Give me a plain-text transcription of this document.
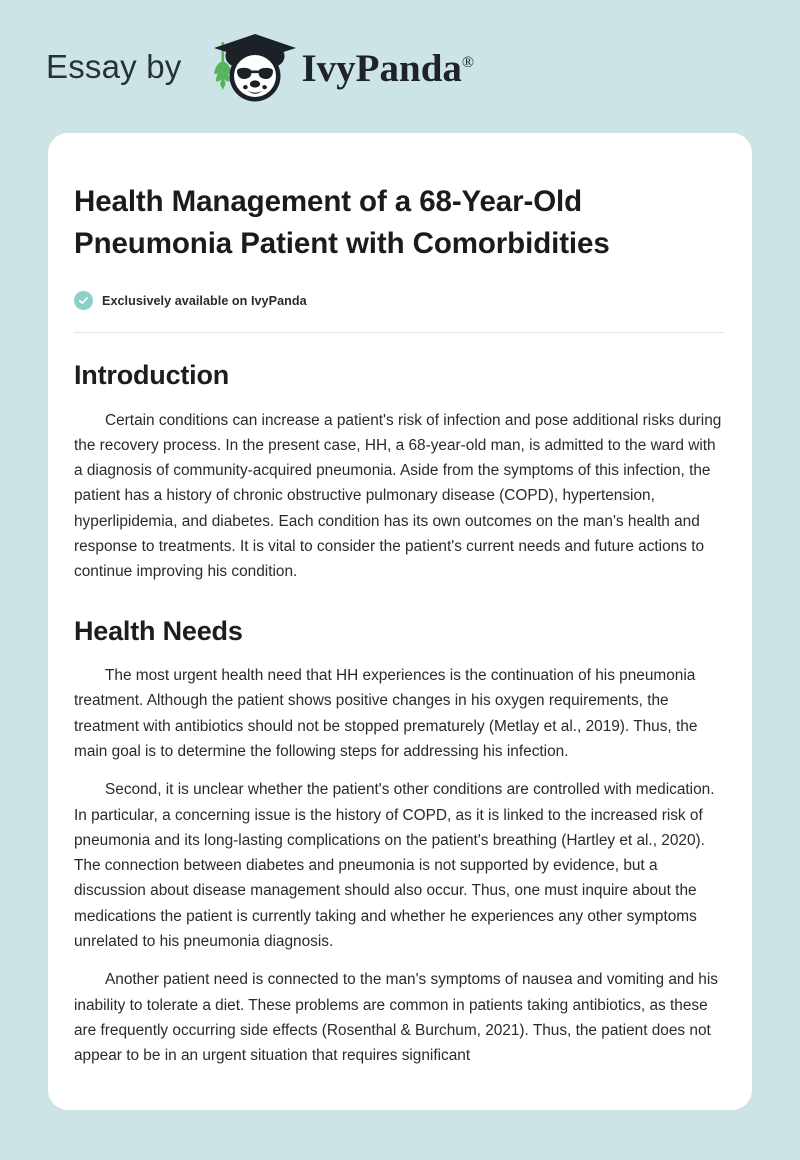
Essay by	IvyPanda®
Health Management of a 68-Year-Old Pneumonia Patient with Comorbidities
Exclusively available on IvyPanda
Introduction

Certain conditions can increase a patient's risk of infection and pose additional risks during the recovery process. In the present case, HH, a 68-year-old man, is admitted to the ward with a diagnosis of community-acquired pneumonia. Aside from the symptoms of this infection, the patient has a history of chronic obstructive pulmonary disease (COPD), hypertension, hyperlipidemia, and diabetes. Each condition has its own outcomes on the man's health and response to treatments. It is vital to consider the patient's current needs and future actions to continue improving his condition.

Health Needs

The most urgent health need that HH experiences is the continuation of his pneumonia treatment. Although the patient shows positive changes in his oxygen requirements, the treatment with antibiotics should not be stopped prematurely (Metlay et al., 2019). Thus, the main goal is to determine the following steps for addressing his infection.

Second, it is unclear whether the patient's other conditions are controlled with medication. In particular, a concerning issue is the history of COPD, as it is linked to the increased risk of pneumonia and its long-lasting complications on the patient's breathing (Hartley et al., 2020). The connection between diabetes and pneumonia is not supported by evidence, but a discussion about disease management should also occur. Thus, one must inquire about the medications the patient is currently taking and whether he experiences any other symptoms unrelated to his pneumonia diagnosis.

Another patient need is connected to the man's symptoms of nausea and vomiting and his inability to tolerate a diet. These problems are common in patients taking antibiotics, as these are frequently occurring side effects (Rosenthal & Burchum, 2021). Thus, the patient does not appear to be in an urgent situation that requires significant
